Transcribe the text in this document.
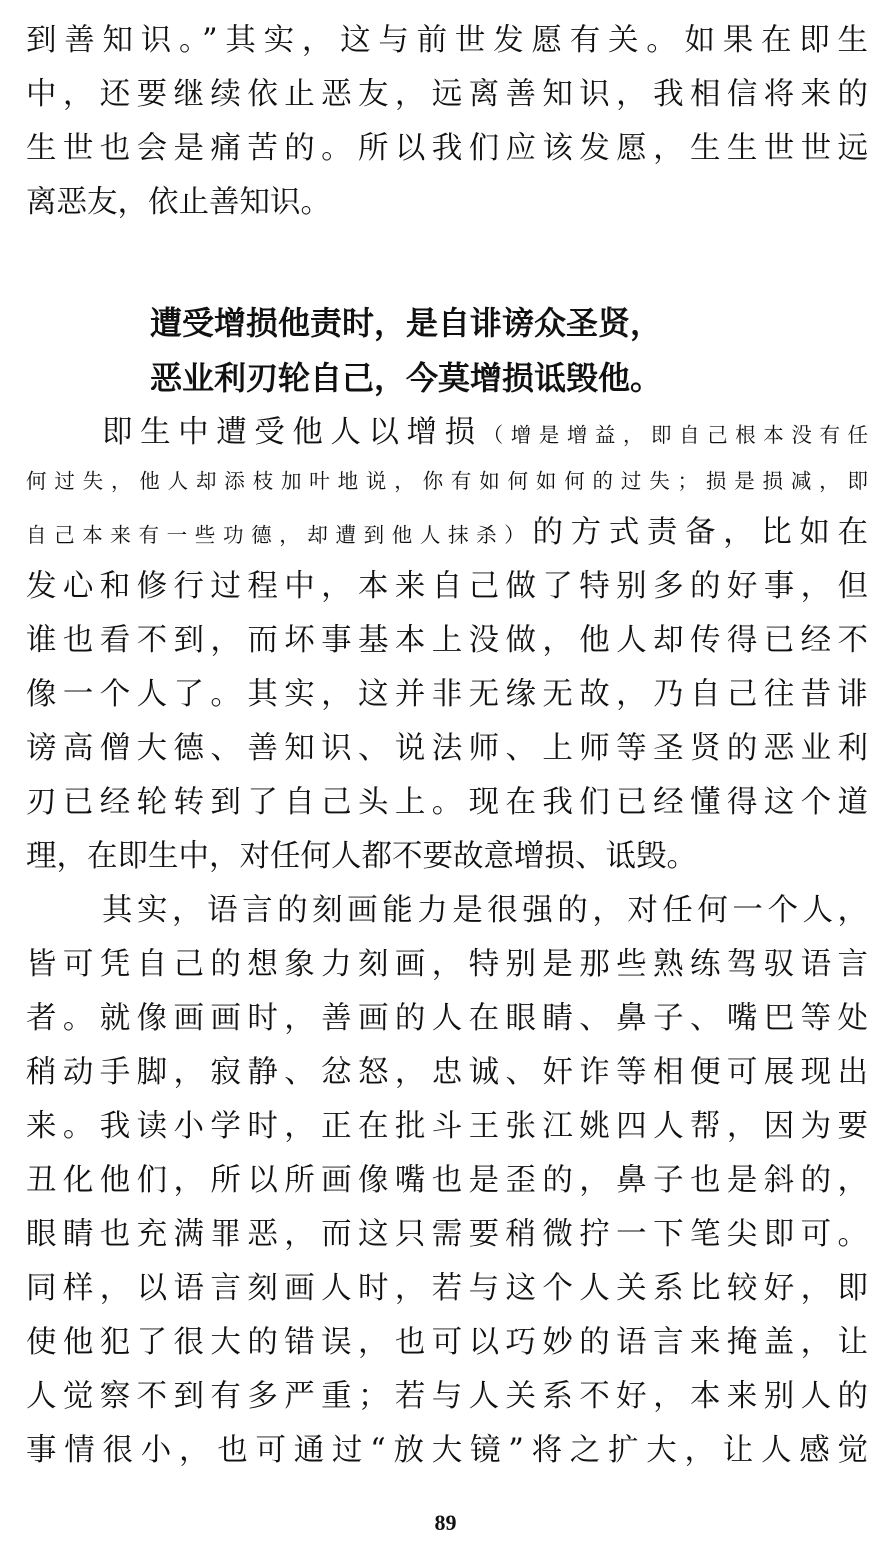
到善知识。”其实，这与前世发愿有关。如果在即生
中，还要继续依止恶友，远离善知识，我相信将来的
生世也会是痛苦的。所以我们应该发愿，生生世世远
离恶友，依止善知识。
遭受增损他责时，是自诽谤众圣贤，
恶业利刃轮自己，今莫增损诋毁他。
即生中遭受他人以增损（增是增益，即自己根本没有任
何过失，他人却添枝加叶地说，你有如何如何的过失；损是损减，即
自己本来有一些功德，却遭到他人抹杀）的方式责备，比如在
发心和修行过程中，本来自己做了特别多的好事，但
谁也看不到，而坏事基本上没做，他人却传得已经不
像一个人了。其实，这并非无缘无故，乃自己往昔诽
谤高僧大德、善知识、说法师、上师等圣贤的恶业利
刃已经轮转到了自己头上。现在我们已经懂得这个道
理，在即生中，对任何人都不要故意增损、诋毁。
其实，语言的刻画能力是很强的，对任何一个人，
皆可凭自己的想象力刻画，特别是那些熟练驾驭语言
者。就像画画时，善画的人在眼睛、鼻子、嘴巴等处
稍动手脚，寂静、忿怒，忠诚、奸诈等相便可展现出
来。我读小学时，正在批斗王张江姚四人帮，因为要
丑化他们，所以所画像嘴也是歪的，鼻子也是斜的，
眼睛也充满罪恶，而这只需要稍微拧一下笔尖即可。
同样，以语言刻画人时，若与这个人关系比较好，即
使他犯了很大的错误，也可以巧妙的语言来掩盖，让
人觉察不到有多严重；若与人关系不好，本来别人的
事情很小，也可通过“放大镜”将之扩大，让人感觉
89
